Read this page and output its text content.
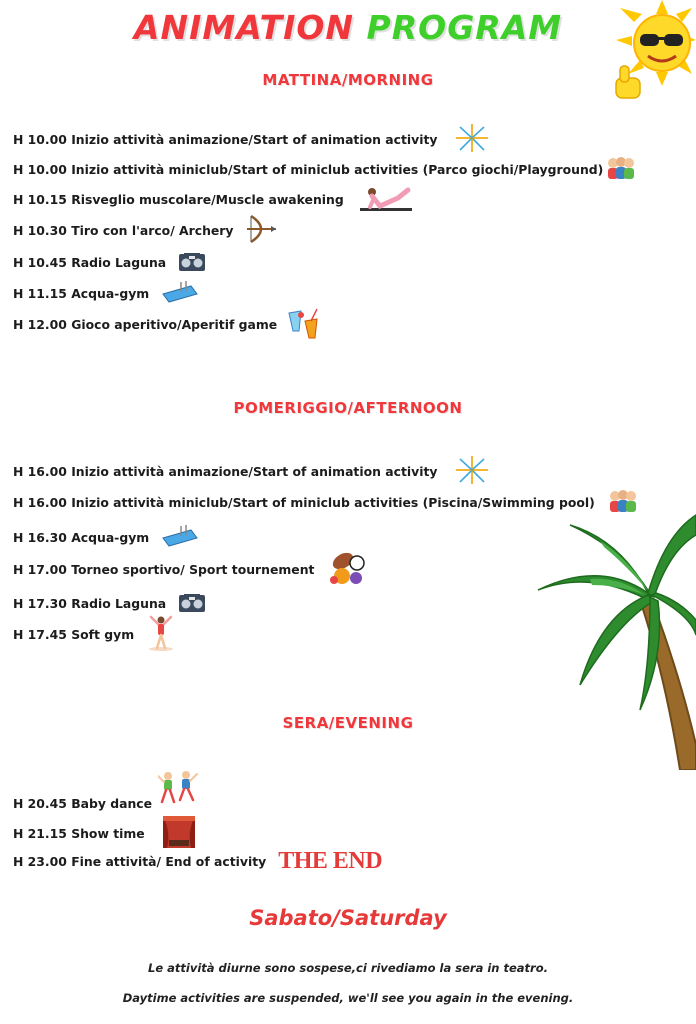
ANIMATION PROGRAM
MATTINA/MORNING
H 10.00 Inizio attività animazione/Start of animation activity
H 10.00 Inizio attività miniclub/Start of miniclub activities (Parco giochi/Playground)
H 10.15 Risveglio muscolare/Muscle awakening
H 10.30 Tiro con l'arco/ Archery
H 10.45 Radio Laguna
H 11.15 Acqua-gym
H 12.00 Gioco aperitivo/Aperitif game
POMERIGGIO/AFTERNOON
H 16.00 Inizio attività animazione/Start of animation activity
H 16.00 Inizio attività miniclub/Start of miniclub activities (Piscina/Swimming pool)
H 16.30 Acqua-gym
H 17.00 Torneo sportivo/ Sport tournement
H 17.30 Radio Laguna
H 17.45 Soft gym
SERA/EVENING
H 20.45 Baby dance
H 21.15 Show time
H 23.00 Fine attività/ End of activity THE END
Sabato/Saturday
Le attività diurne sono sospese,ci rivediamo la sera in teatro.
Daytime activities are suspended, we'll see you again in the evening.
